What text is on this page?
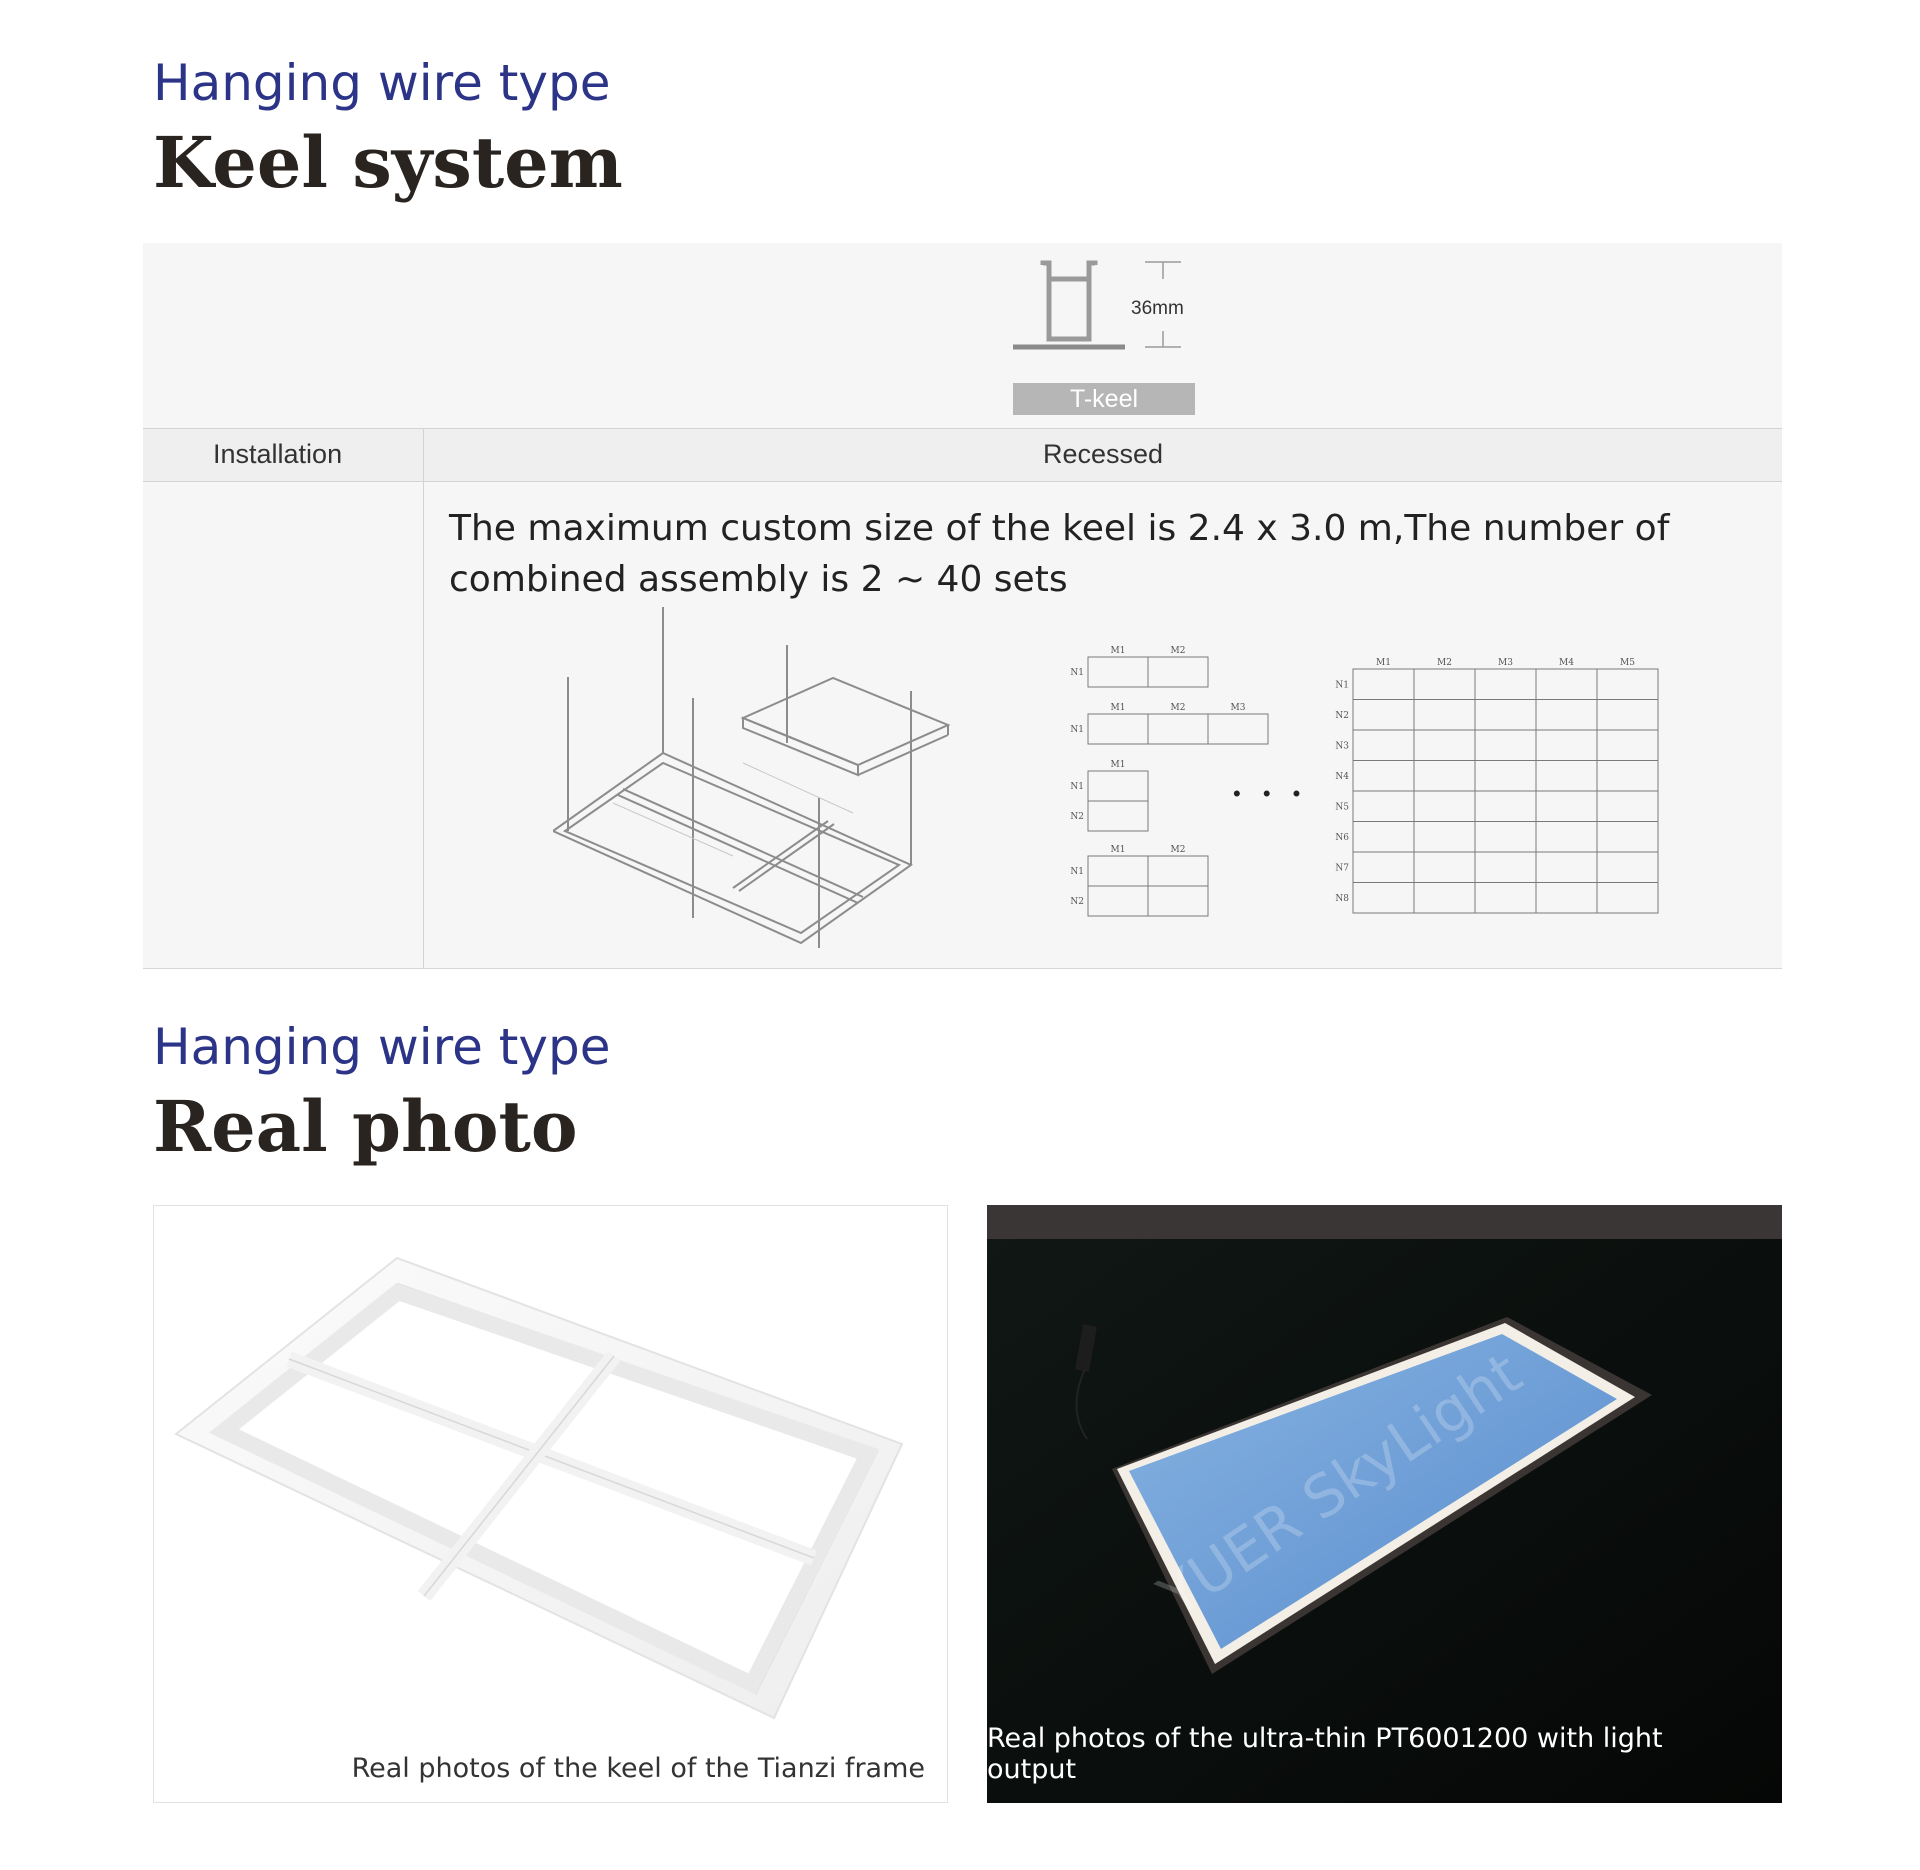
Hanging wire type
Keel system
36mm
T-keel
Installation	Recessed
The maximum custom size of the keel is 2.4 x 3.0 m,The number of combined assembly is 2 ~ 40 sets
M1	M2
N1
M1	M2	M3
N1
M1
N1
N2
M1	M2
N1
N2
M1	M2	M3	M4	M5
N1
N2
N3
N4
N5
N6
N7
N8
• • •
Hanging wire type
Real photo
Real photos of the keel of the Tianzi frame
YUER SkyLight
Real photos of the ultra-thin PT6001200 with light output
